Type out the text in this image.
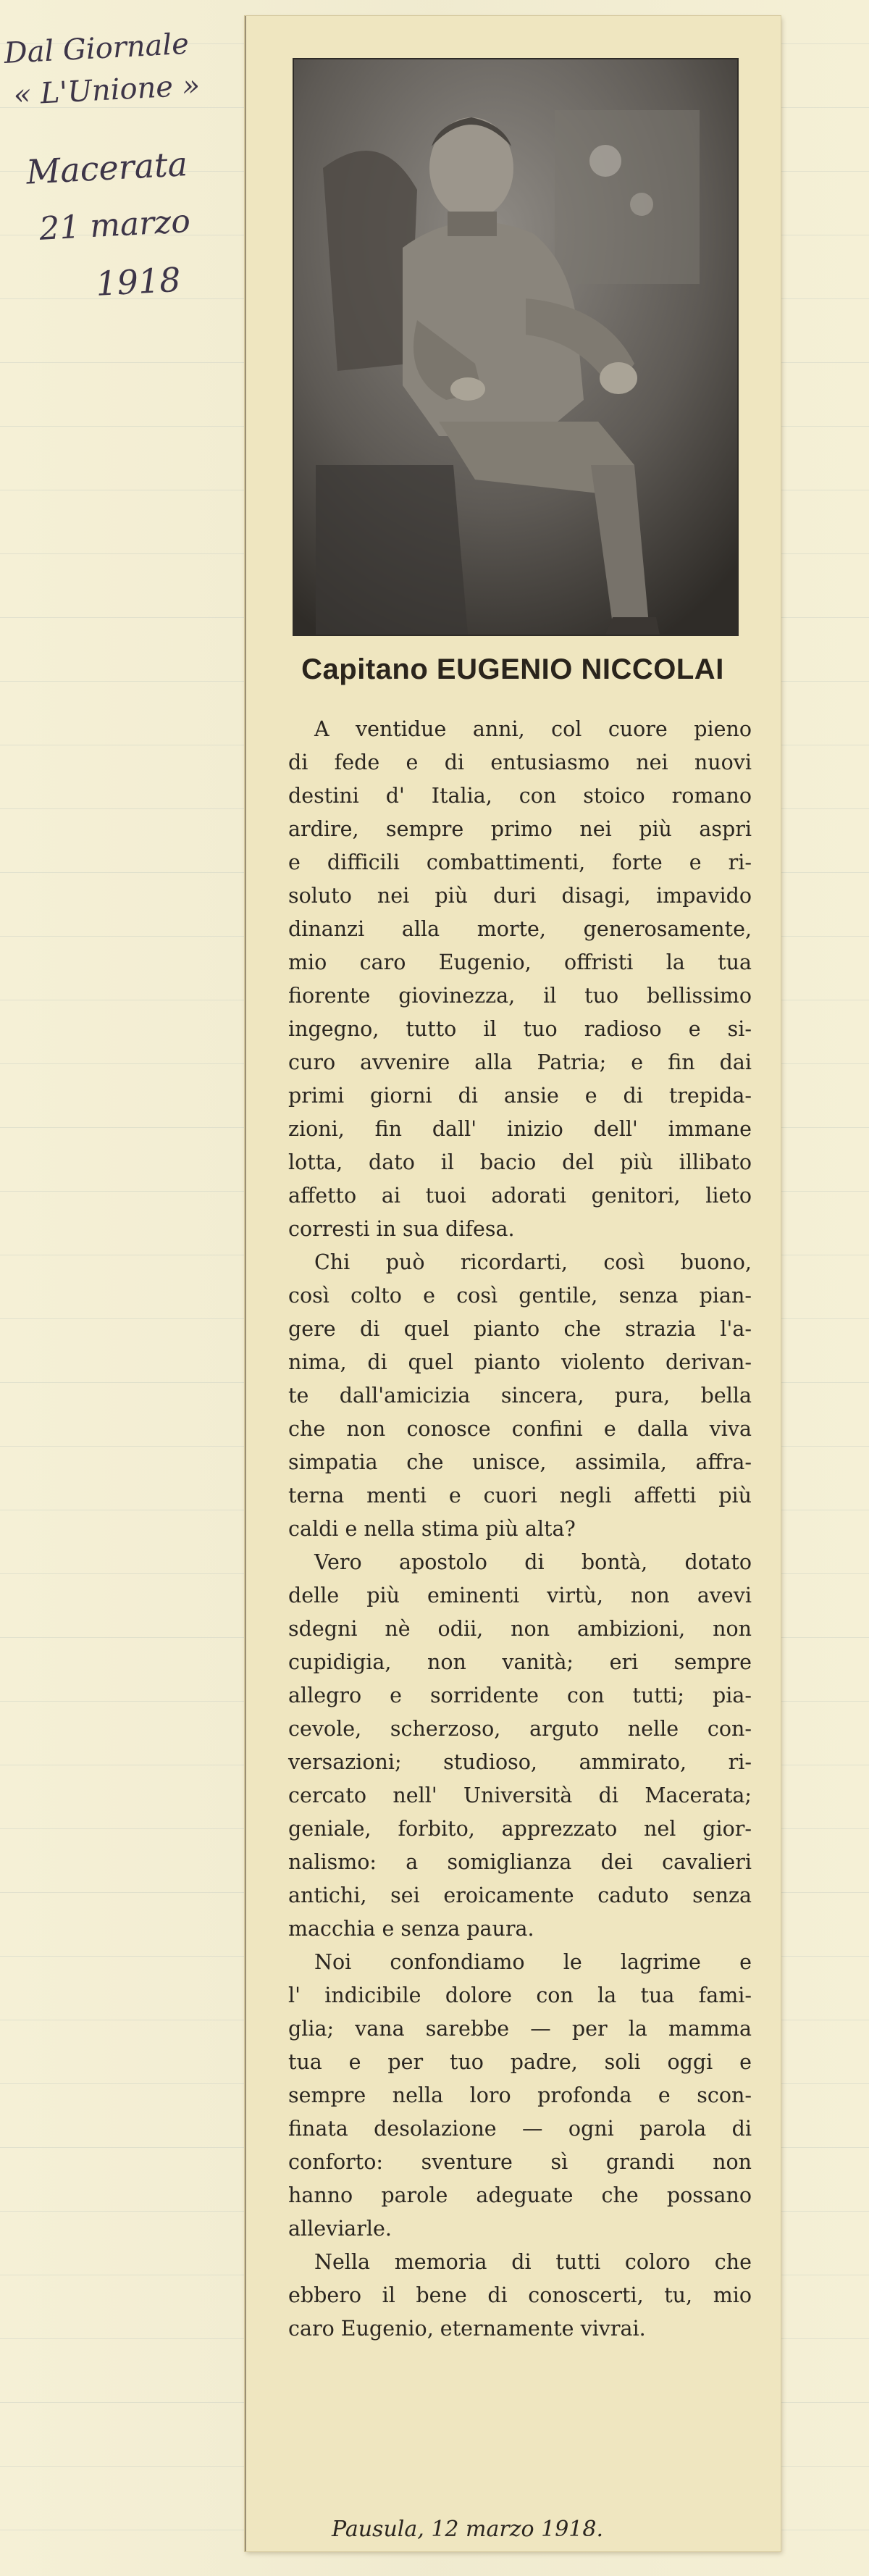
Dal Giornale
« L'Unione »
Macerata
21 marzo
1918
Capitano EUGENIO NICCOLAI
A ventidue anni, col cuore pieno
di fede e di entusiasmo nei nuovi
destini d' Italia, con stoico romano
ardire, sempre primo nei più aspri
e difficili combattimenti, forte e ri-
soluto nei più duri disagi, impavido
dinanzi alla morte, generosamente,
mio caro Eugenio, offristi la tua
fiorente giovinezza, il tuo bellissimo
ingegno, tutto il tuo radioso e si-
curo avvenire alla Patria; e fin dai
primi giorni di ansie e di trepida-
zioni, fin dall' inizio dell' immane
lotta, dato il bacio del più illibato
affetto ai tuoi adorati genitori, lieto
corresti in sua difesa.
Chi può ricordarti, così buono,
così colto e così gentile, senza pian-
gere di quel pianto che strazia l'a-
nima, di quel pianto violento derivan-
te dall'amicizia sincera, pura, bella
che non conosce confini e dalla viva
simpatia che unisce, assimila, affra-
terna menti e cuori negli affetti più
caldi e nella stima più alta?
Vero apostolo di bontà, dotato
delle più eminenti virtù, non avevi
sdegni nè odii, non ambizioni, non
cupidigia, non vanità; eri sempre
allegro e sorridente con tutti; pia-
cevole, scherzoso, arguto nelle con-
versazioni; studioso, ammirato, ri-
cercato nell' Università di Macerata;
geniale, forbito, apprezzato nel gior-
nalismo: a somiglianza dei cavalieri
antichi, sei eroicamente caduto senza
macchia e senza paura.
Noi confondiamo le lagrime e
l' indicibile dolore con la tua fami-
glia; vana sarebbe — per la mamma
tua e per tuo padre, soli oggi e
sempre nella loro profonda e scon-
finata desolazione — ogni parola di
conforto: sventure sì grandi non
hanno parole adeguate che possano
alleviarle.
Nella memoria di tutti coloro che
ebbero il bene di conoscerti, tu, mio
caro Eugenio, eternamente vivrai.
Pausula, 12 marzo 1918.
